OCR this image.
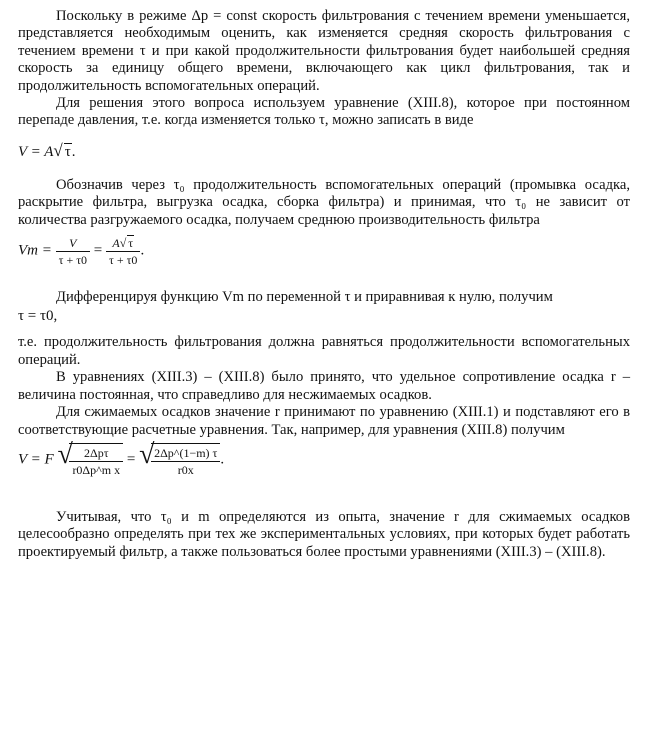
Поскольку в режиме Δp = const скорость фильтрования с течением времени уменьшается, представляется необходимым оценить, как изменяется средняя скорость фильтрования с течением времени τ и при какой продолжительности фильтрования будет наибольшей средняя скорость за единицу общего времени, включающего как цикл фильтрования, так и продолжительность вспомогательных операций.

Для решения этого вопроса используем уравнение (XIII.8), которое при постоянном перепаде давления, т.е. когда изменяется только τ, можно записать в виде

V = A√ τ.

Обозначив через τ₀ продолжительность вспомогательных операций (промывка осадка, раскрытие фильтра, выгрузка осадка, сборка фильтра) и принимая, что τ₀ не зависит от количества разгружаемого осадка, получаем среднюю производительность фильтра

$Vm = \frac{V}{\tau + \tau 0} = \frac{A√ \tau}{\tau + \tau 0}$ .

Дифференцируя функцию Vm по переменной τ и приравнивая к нулю, получим

τ = τ0,

т.е. продолжительность фильтрования должна равняться продолжительности вспомогательных операций.

В уравнениях (XIII.3) – (XIII.8) было принято, что удельное сопротивление осадка r – величина постоянная, что справедливо для несжимаемых осадков.

Для сжимаемых осадков значение r принимают по уравнению (XIII.1) и подставляют его в соответствующие расчетные уравнения. Так, например, для уравнения (XIII.8) получим

V = F √
$\frac{\text{2Δpτ}}{\text{r0Δp\textasciicircum{}m x}}$ = √
$\frac{2\Delta p\^{}(1-m) \tau}{r0x}$ .

Учитывая, что τ₀ и m определяются из опыта, значение r для сжимаемых осадков целесообразно определять при тех же экспериментальных условиях, при которых будет работать проектируемый фильтр, а также пользоваться более простыми уравнениями (XIII.3) – (XIII.8).
